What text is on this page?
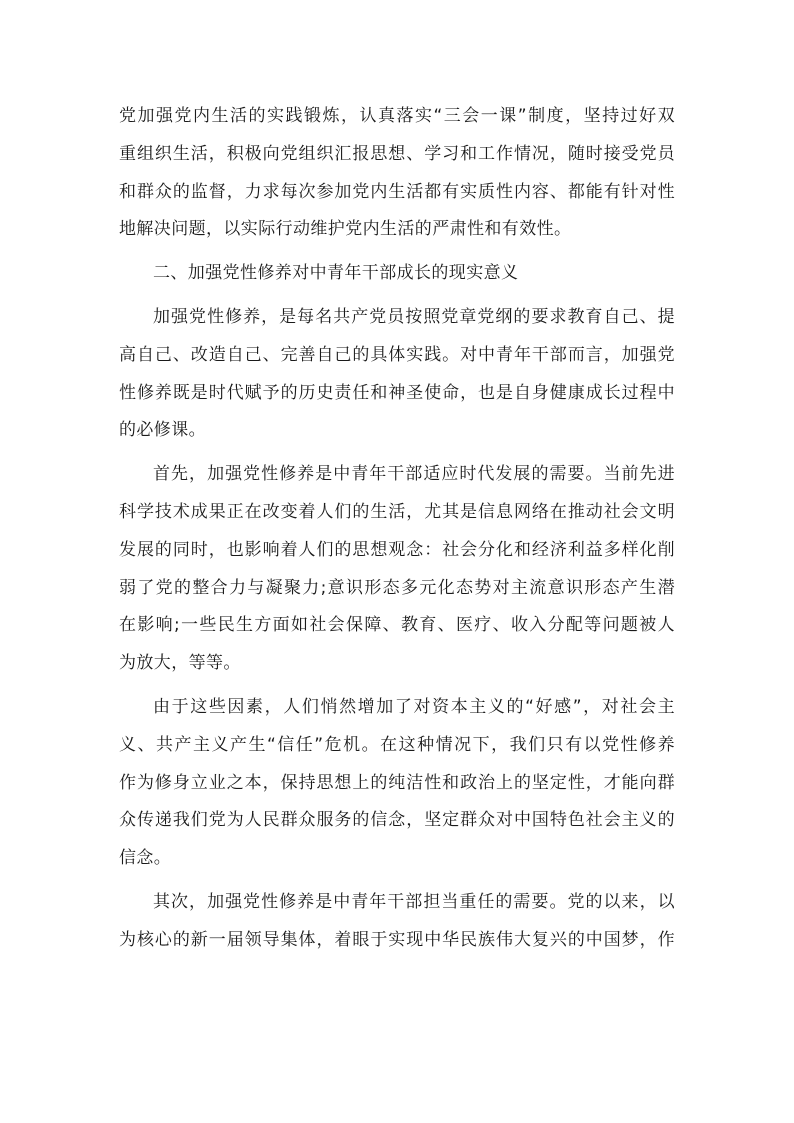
党加强党内生活的实践锻炼，认真落实“三会一课”制度，坚持过好双
重组织生活，积极向党组织汇报思想、学习和工作情况，随时接受党员
和群众的监督，力求每次参加党内生活都有实质性内容、都能有针对性
地解决问题，以实际行动维护党内生活的严肃性和有效性。

二、加强党性修养对中青年干部成长的现实意义

加强党性修养，是每名共产党员按照党章党纲的要求教育自己、提
高自己、改造自己、完善自己的具体实践。对中青年干部而言，加强党
性修养既是时代赋予的历史责任和神圣使命，也是自身健康成长过程中
的必修课。

首先，加强党性修养是中青年干部适应时代发展的需要。当前先进
科学技术成果正在改变着人们的生活，尤其是信息网络在推动社会文明
发展的同时，也影响着人们的思想观念：社会分化和经济利益多样化削
弱了党的整合力与凝聚力;意识形态多元化态势对主流意识形态产生潜
在影响;一些民生方面如社会保障、教育、医疗、收入分配等问题被人
为放大，等等。

由于这些因素，人们悄然增加了对资本主义的“好感”，对社会主
义、共产主义产生“信任”危机。在这种情况下，我们只有以党性修养
作为修身立业之本，保持思想上的纯洁性和政治上的坚定性，才能向群
众传递我们党为人民群众服务的信念，坚定群众对中国特色社会主义的
信念。

其次，加强党性修养是中青年干部担当重任的需要。党的以来，以
为核心的新一届领导集体，着眼于实现中华民族伟大复兴的中国梦，作
